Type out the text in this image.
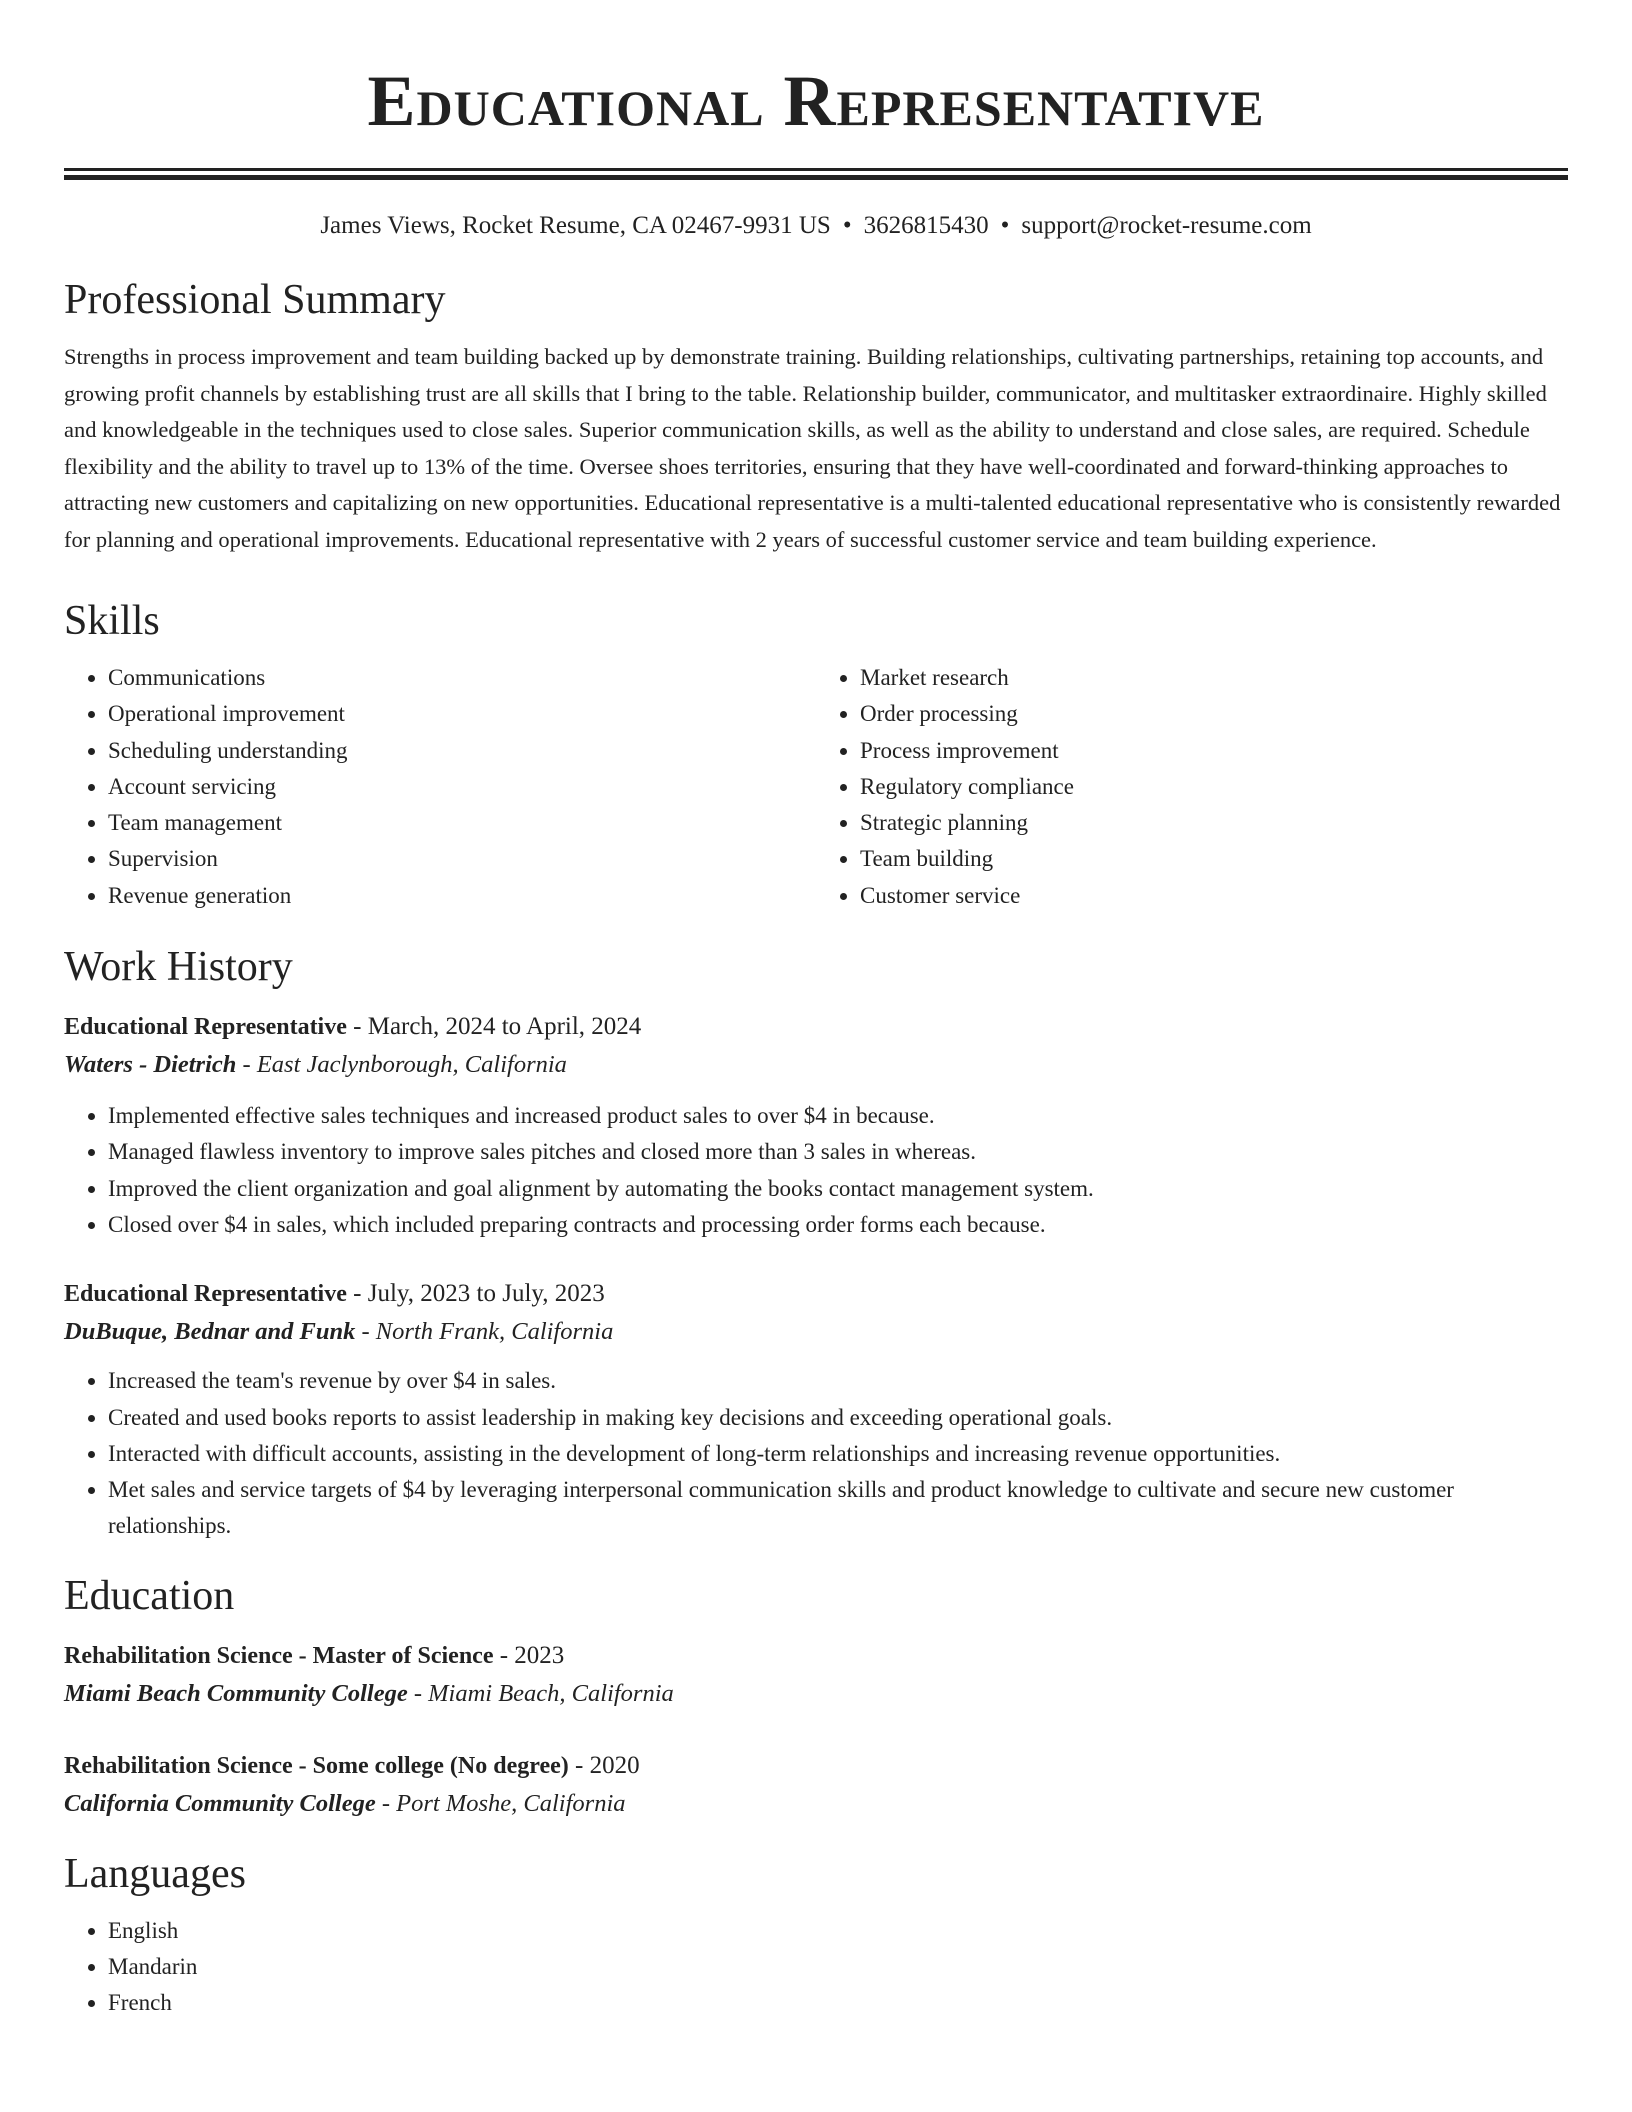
Educational Representative
James Views, Rocket Resume, CA 02467-9931 US • 3626815430 • support@rocket-resume.com
Professional Summary

Strengths in process improvement and team building backed up by demonstrate training. Building relationships, cultivating partnerships, retaining top accounts, and growing profit channels by establishing trust are all skills that I bring to the table. Relationship builder, communicator, and multitasker extraordinaire. Highly skilled and knowledgeable in the techniques used to close sales. Superior communication skills, as well as the ability to understand and close sales, are required. Schedule flexibility and the ability to travel up to 13% of the time. Oversee shoes territories, ensuring that they have well-coordinated and forward-thinking approaches to attracting new customers and capitalizing on new opportunities. Educational representative is a multi-talented educational representative who is consistently rewarded for planning and operational improvements. Educational representative with 2 years of successful customer service and team building experience.

Skills
• Communications
• Operational improvement
• Scheduling understanding
• Account servicing
• Team management
• Supervision
• Revenue generation
• Market research
• Order processing
• Process improvement
• Regulatory compliance
• Strategic planning
• Team building
• Customer service
Work History
Educational Representative - March, 2024 to April, 2024
Waters - Dietrich - East Jaclynborough, California
• Implemented effective sales techniques and increased product sales to over $4 in because.
• Managed flawless inventory to improve sales pitches and closed more than 3 sales in whereas.
• Improved the client organization and goal alignment by automating the books contact management system.
• Closed over $4 in sales, which included preparing contracts and processing order forms each because.
Educational Representative - July, 2023 to July, 2023
DuBuque, Bednar and Funk - North Frank, California
• Increased the team's revenue by over $4 in sales.
• Created and used books reports to assist leadership in making key decisions and exceeding operational goals.
• Interacted with difficult accounts, assisting in the development of long-term relationships and increasing revenue opportunities.
• Met sales and service targets of $4 by leveraging interpersonal communication skills and product knowledge to cultivate and secure new customer relationships.
Education
Rehabilitation Science - Master of Science - 2023
Miami Beach Community College - Miami Beach, California
Rehabilitation Science - Some college (No degree) - 2020
California Community College - Port Moshe, California
Languages
• English
• Mandarin
• French
